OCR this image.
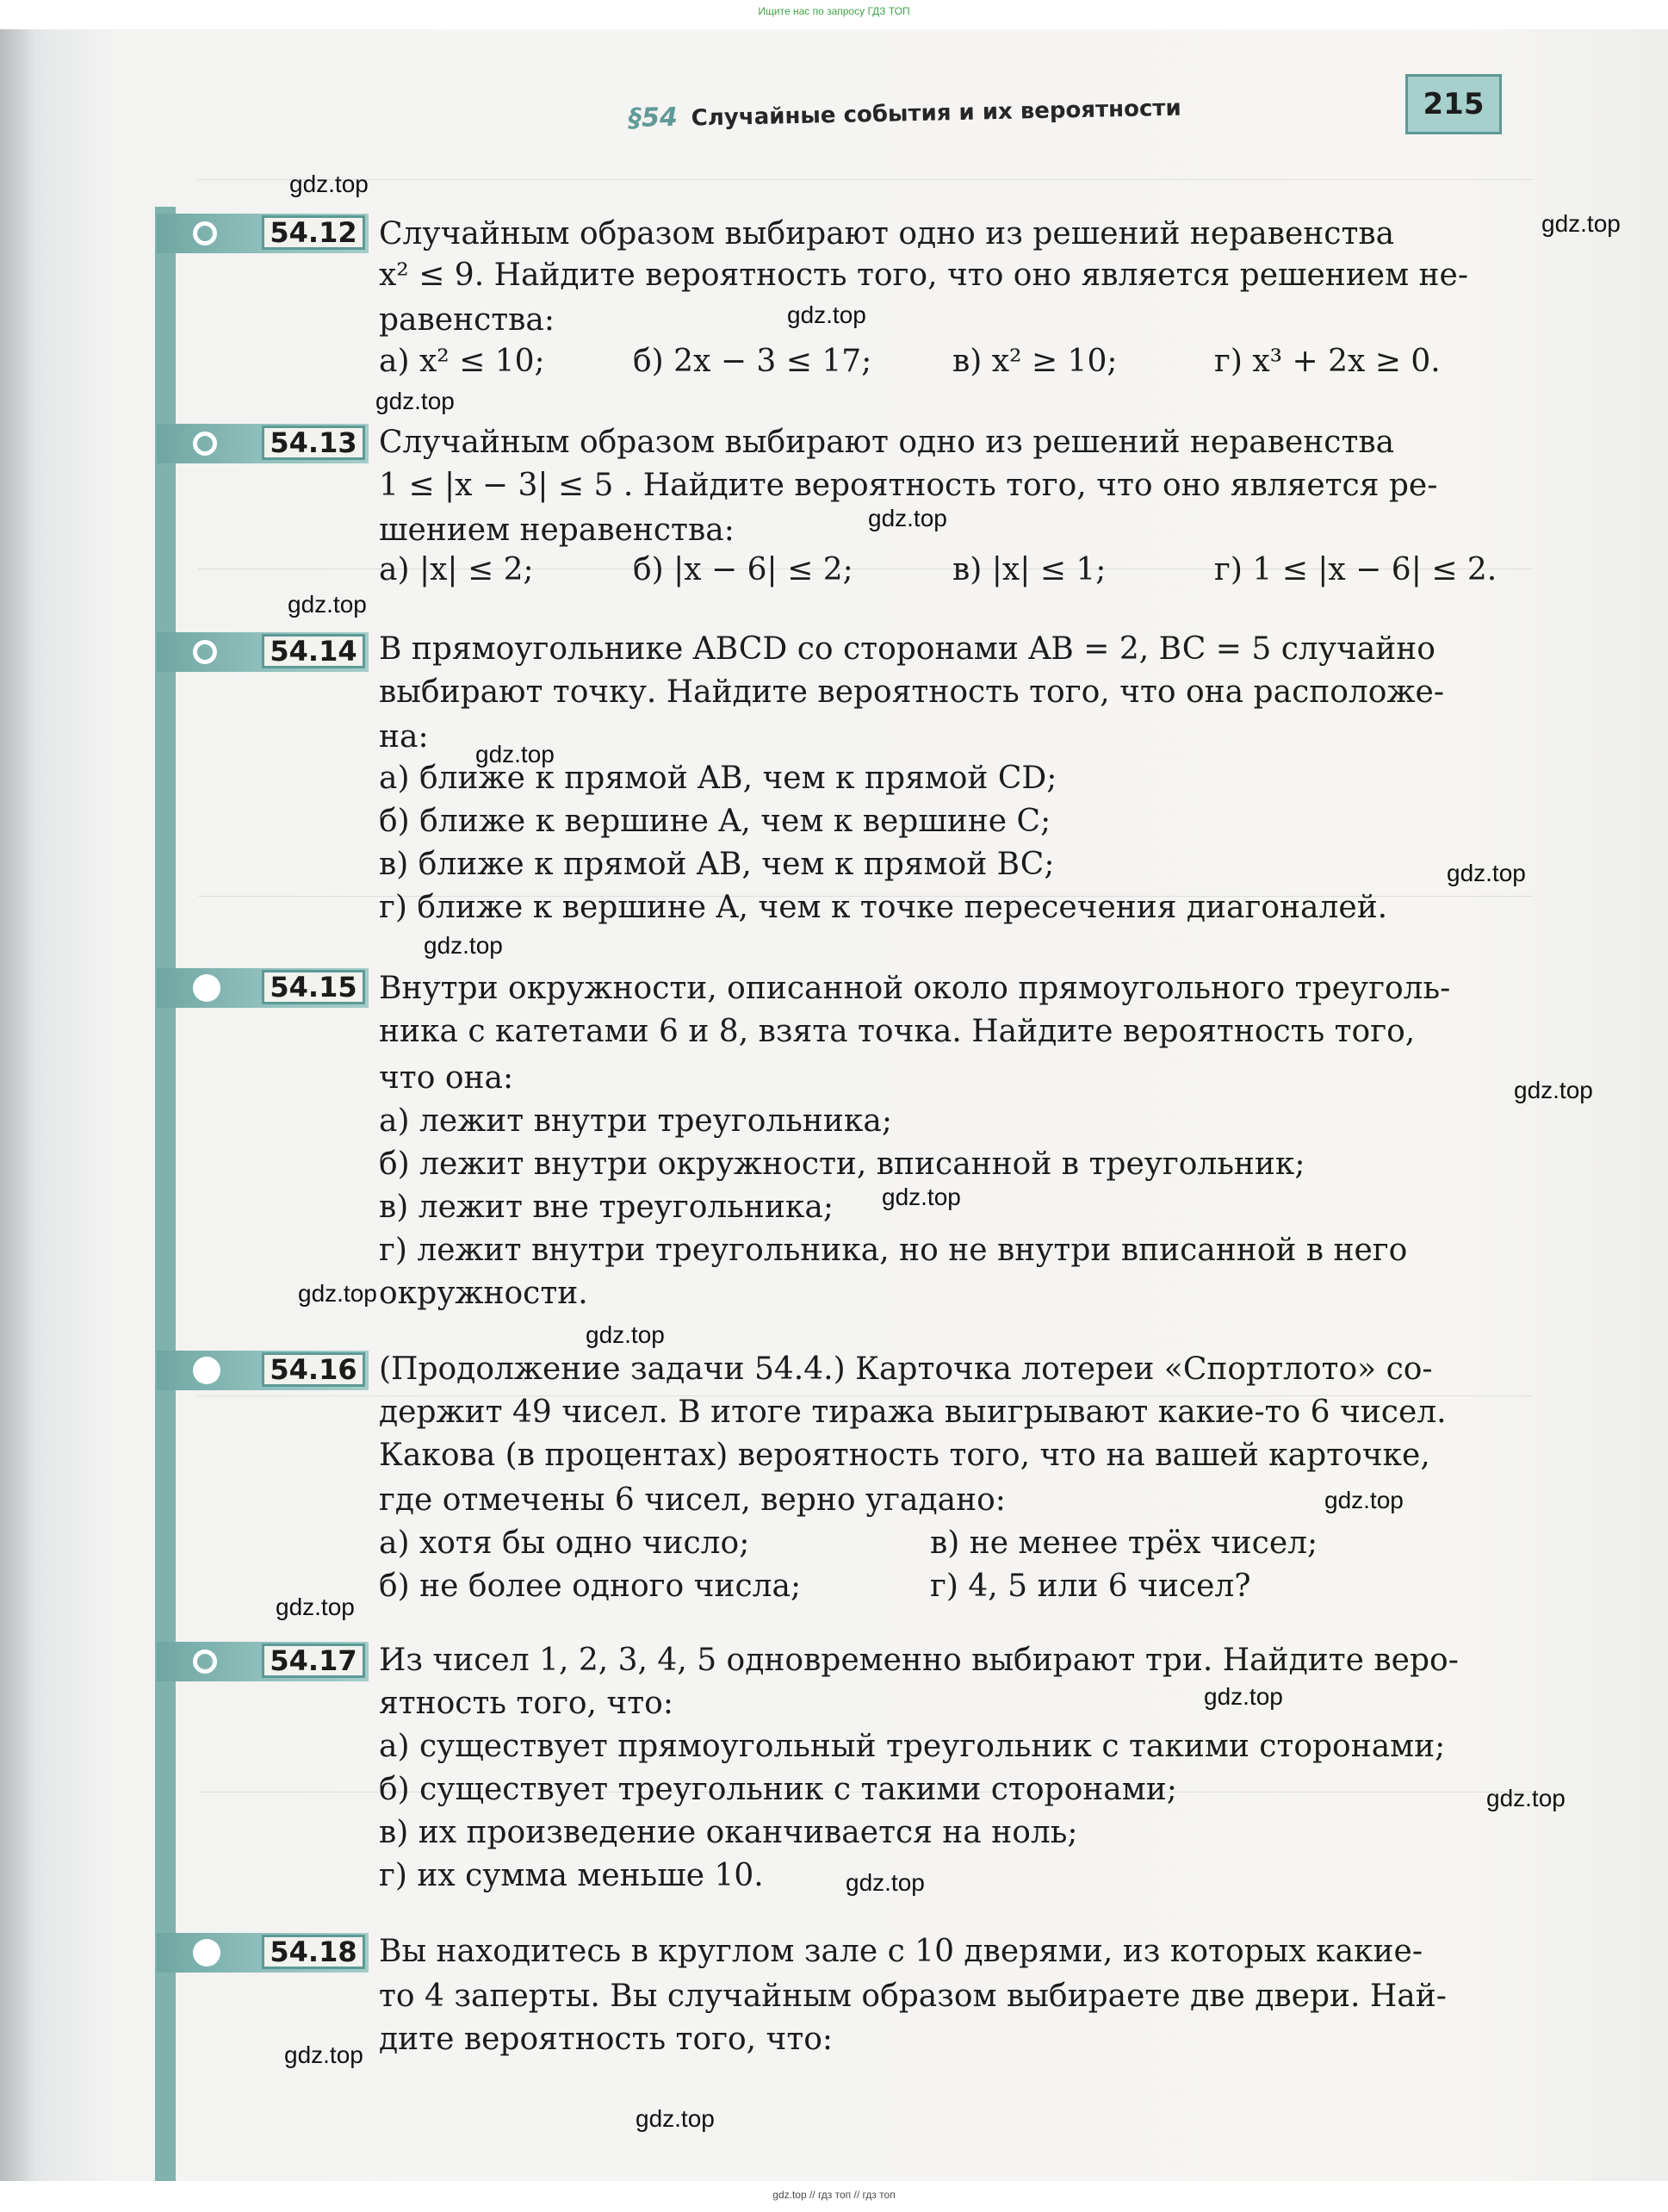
Ищите нас по запросу ГДЗ ТОП
§54 Случайные события и их вероятности	215
54.12 Случайным образом выбирают одно из решений неравенства
x² ≤ 9. Найдите вероятность того, что оно является решением не-
равенства:
а) x² ≤ 10;	б) 2x − 3 ≤ 17;	в) x² ≥ 10;	г) x³ + 2x ≥ 0.
54.13 Случайным образом выбирают одно из решений неравенства
1 ≤ |x − 3| ≤ 5 . Найдите вероятность того, что оно является ре-
шением неравенства:
а) |x| ≤ 2;	б) |x − 6| ≤ 2;	в) |x| ≤ 1;	г) 1 ≤ |x − 6| ≤ 2.
54.14 В прямоугольнике ABCD со сторонами AB = 2, BC = 5 случайно
выбирают точку. Найдите вероятность того, что она расположе-
на:
а) ближе к прямой AB, чем к прямой CD;
б) ближе к вершине A, чем к вершине C;
в) ближе к прямой AB, чем к прямой BC;
г) ближе к вершине A, чем к точке пересечения диагоналей.
54.15 Внутри окружности, описанной около прямоугольного треуголь-
ника с катетами 6 и 8, взята точка. Найдите вероятность того,
что она:
а) лежит внутри треугольника;
б) лежит внутри окружности, вписанной в треугольник;
в) лежит вне треугольника;
г) лежит внутри треугольника, но не внутри вписанной в него
окружности.
54.16 (Продолжение задачи 54.4.) Карточка лотереи «Спортлото» со-
держит 49 чисел. В итоге тиража выигрывают какие-то 6 чисел.
Какова (в процентах) вероятность того, что на вашей карточке,
где отмечены 6 чисел, верно угадано:
а) хотя бы одно число;
б) не более одного числа;
в) не менее трёх чисел;
г) 4, 5 или 6 чисел?
54.17 Из чисел 1, 2, 3, 4, 5 одновременно выбирают три. Найдите веро-
ятность того, что:
а) существует прямоугольный треугольник с такими сторонами;
б) существует треугольник с такими сторонами;
в) их произведение оканчивается на ноль;
г) их сумма меньше 10.
54.18 Вы находитесь в круглом зале с 10 дверями, из которых какие-
то 4 заперты. Вы случайным образом выбираете две двери. Най-
дите вероятность того, что:
gdz.top
gdz.top
gdz.top
gdz.top
gdz.top
gdz.top
gdz.top
gdz.top
gdz.top
gdz.top
gdz.top
gdz.top
gdz.top
gdz.top
gdz.top
gdz.top
gdz.top
gdz.top
gdz.top
gdz.top
gdz.top // гдз топ // гдз топ
